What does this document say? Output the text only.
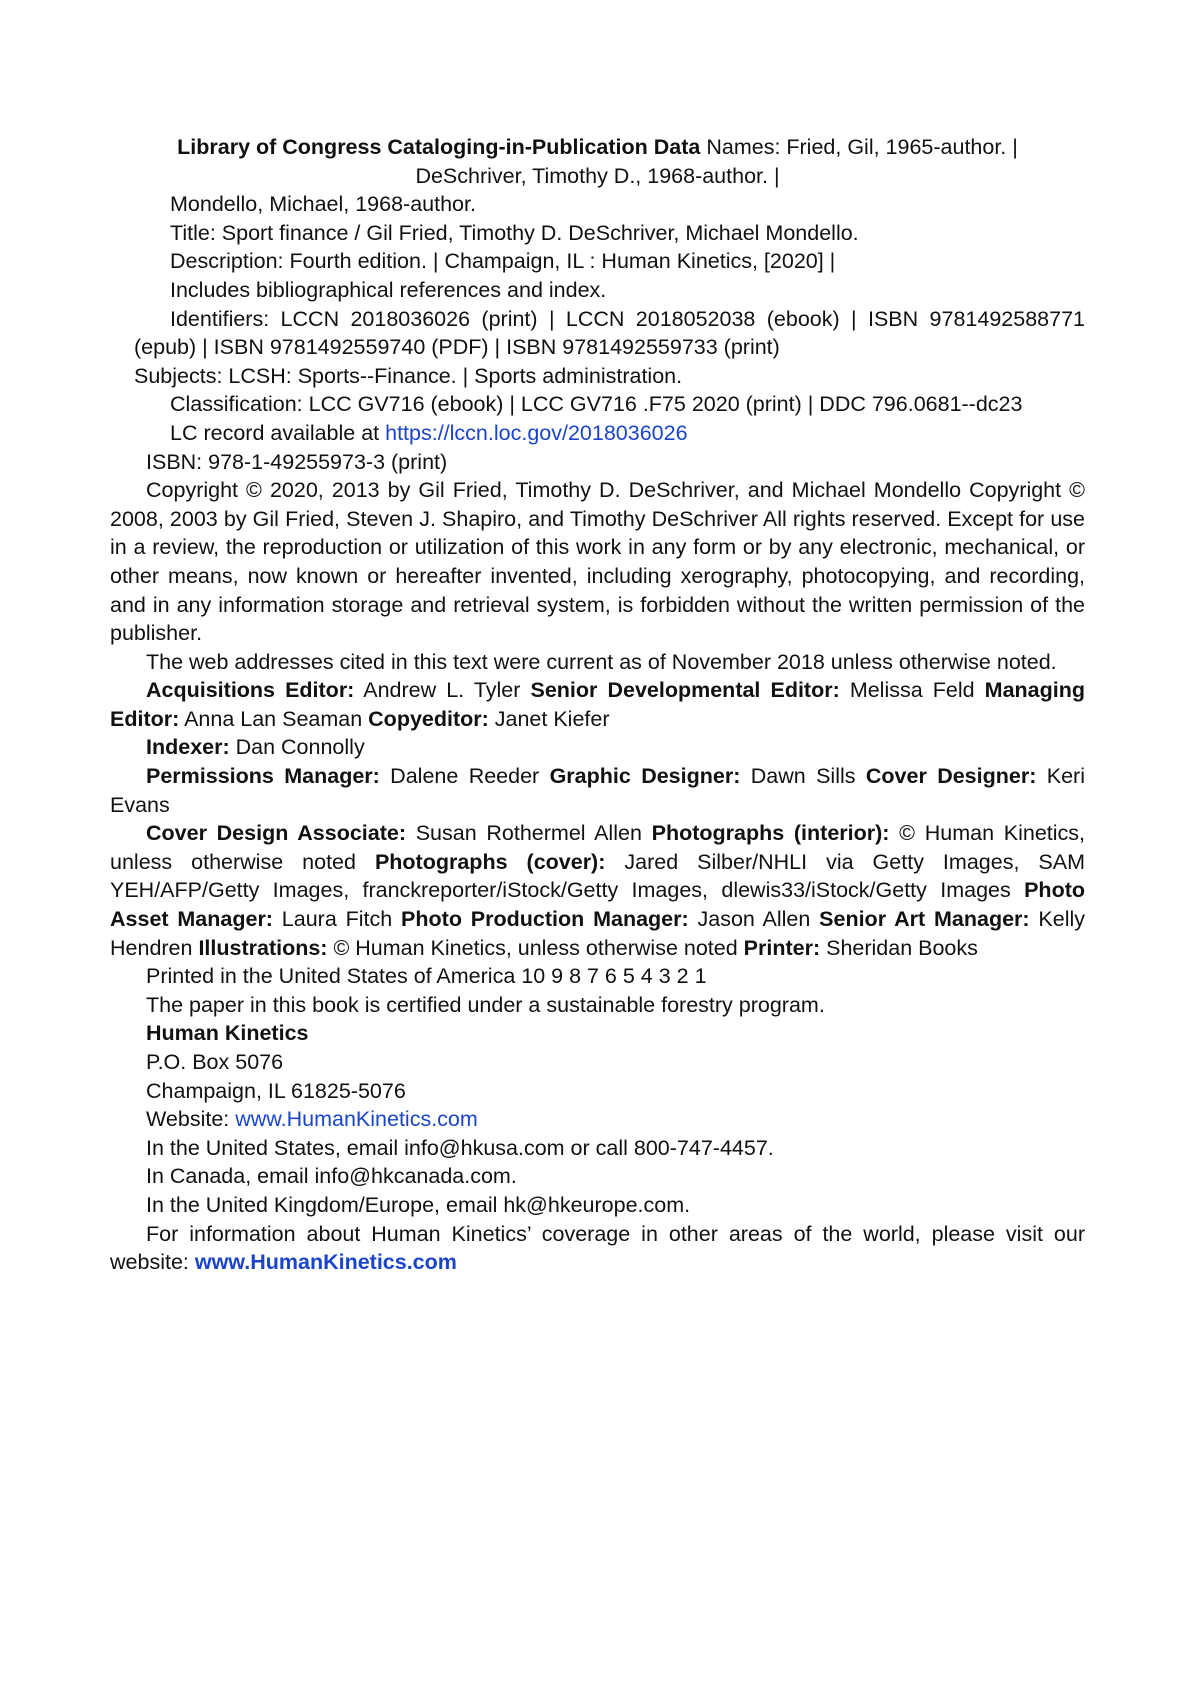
Library of Congress Cataloging-in-Publication Data Names: Fried, Gil, 1965-author. |
DeSchriver, Timothy D., 1968-author. |

Mondello, Michael, 1968-author.

Title: Sport finance / Gil Fried, Timothy D. DeSchriver, Michael Mondello.

Description: Fourth edition. | Champaign, IL : Human Kinetics, [2020] |

Includes bibliographical references and index.

Identifiers: LCCN 2018036026 (print) | LCCN 2018052038 (ebook) | ISBN 9781492588771 (epub) | ISBN 9781492559740 (PDF) | ISBN 9781492559733 (print)

Subjects: LCSH: Sports--Finance. | Sports administration.

Classification: LCC GV716 (ebook) | LCC GV716 .F75 2020 (print) | DDC 796.0681--dc23

LC record available at https://lccn.loc.gov/2018036026

ISBN: 978-1-49255973-3 (print)

Copyright © 2020, 2013 by Gil Fried, Timothy D. DeSchriver, and Michael Mondello Copyright © 2008, 2003 by Gil Fried, Steven J. Shapiro, and Timothy DeSchriver All rights reserved. Except for use in a review, the reproduction or utilization of this work in any form or by any electronic, mechanical, or other means, now known or hereafter invented, including xerography, photocopying, and recording, and in any information storage and retrieval system, is forbidden without the written permission of the publisher.

The web addresses cited in this text were current as of November 2018 unless otherwise noted.

Acquisitions Editor: Andrew L. Tyler Senior Developmental Editor: Melissa Feld Managing Editor: Anna Lan Seaman Copyeditor: Janet Kiefer

Indexer: Dan Connolly

Permissions Manager: Dalene Reeder Graphic Designer: Dawn Sills Cover Designer: Keri Evans

Cover Design Associate: Susan Rothermel Allen Photographs (interior): © Human Kinetics, unless otherwise noted Photographs (cover): Jared Silber/NHLI via Getty Images, SAM YEH/AFP/Getty Images, franckreporter/iStock/Getty Images, dlewis33/iStock/Getty Images Photo Asset Manager: Laura Fitch Photo Production Manager: Jason Allen Senior Art Manager: Kelly Hendren Illustrations: © Human Kinetics, unless otherwise noted Printer: Sheridan Books

Printed in the United States of America 10 9 8 7 6 5 4 3 2 1

The paper in this book is certified under a sustainable forestry program.

Human Kinetics

P.O. Box 5076

Champaign, IL 61825-5076

Website: www.HumanKinetics.com

In the United States, email info@hkusa.com or call 800-747-4457.

In Canada, email info@hkcanada.com.

In the United Kingdom/Europe, email hk@hkeurope.com.

For information about Human Kinetics’ coverage in other areas of the world, please visit our website: www.HumanKinetics.com
